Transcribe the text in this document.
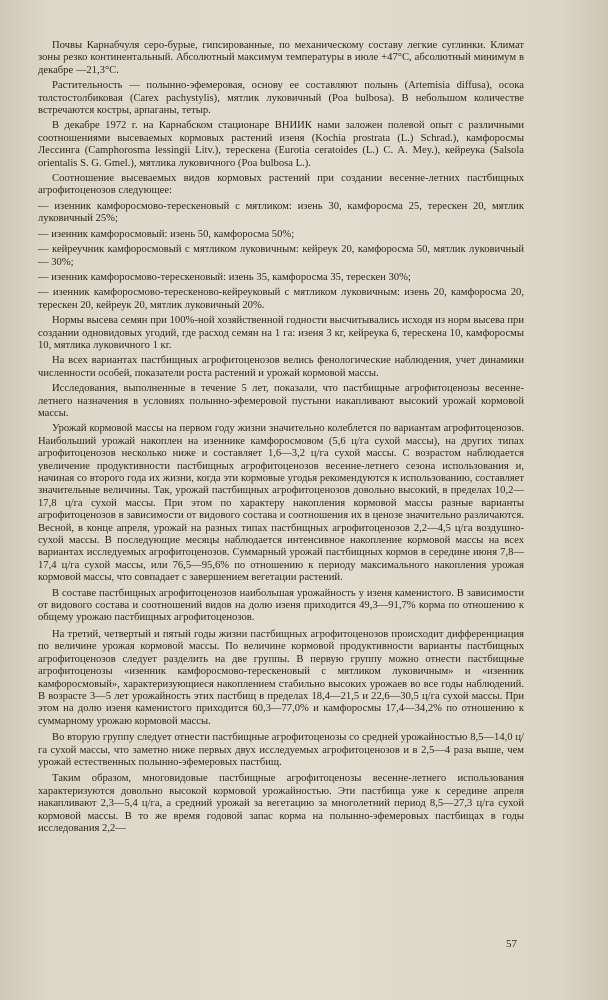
Почвы Карнабчуля серо-бурые, гипсированные, по механическому составу легкие суглинки. Климат зоны резко континентальный. Абсолютный максимум температуры в июле +47°С, абсолютный минимум в декабре —21,3°С.

Растительность — полынно-эфемеровая, основу ее составляют полынь (Artemisia diffusa), осока толстостолбиковая (Carex pachystylis), мятлик луковичный (Poa bulbosa). В небольшом количестве встречаются костры, арпаганы, тетыр.

В декабре 1972 г. на Карнабском стационаре ВНИИК нами заложен полевой опыт с различными соотношениями высеваемых кормовых растений изеня (Kochia prostrata (L.) Schrad.), камфоросмы Лессинга (Camphorosma lessingii Litv.), терескена (Eurotia ceratoides (L.) C. A. Mey.), кейреука (Salsola orientalis S. G. Gmel.), мятлика луковичного (Poa bulbosa L.).

Соотношение высеваемых видов кормовых растений при создании весенне-летних пастбищных агрофитоценозов следующее:

— изенник камфоросмово-терескеновый с мятликом: изень 30, камфоросма 25, терескен 20, мятлик луковичный 25%;

— изенник камфоросмовый: изень 50, камфоросма 50%;

— кейреучник камфоросмовый с мятликом луковичным: кейреук 20, камфоросма 50, мятлик луковичный — 30%;

— изенник камфоросмово-терескеновый: изень 35, камфоросма 35, терескен 30%;

— изенник камфоросмово-терескеново-кейреуковый с мятликом луковичным: изень 20, камфоросма 20, терескен 20, кейреук 20, мятлик луковичный 20%.

Нормы высева семян при 100%-ной хозяйственной годности высчитывались исходя из норм высева при создании одновидовых угодий, где расход семян на 1 га: изеня 3 кг, кейреука 6, терескена 10, камфоросмы 10, мятлика луковичного 1 кг.

На всех вариантах пастбищных агрофитоценозов велись фенологические наблюдения, учет динамики численности особей, показатели роста растений и урожай кормовой массы.

Исследования, выполненные в течение 5 лет, показали, что пастбищные агрофитоценозы весенне-летнего назначения в условиях полынно-эфемеровой пустыни накапливают высокий урожай кормовой массы.

Урожай кормовой массы на первом году жизни значительно колеблется по вариантам агрофитоценозов. Наибольший урожай накоплен на изеннике камфоросмовом (5,6 ц/га сухой массы), на других типах агрофитоценозов несколько ниже и составляет 1,6—3,2 ц/га сухой массы. С возрастом наблюдается увеличение продуктивности пастбищных агрофитоценозов весенне-летнего сезона использования и, начиная со второго года их жизни, когда эти кормовые угодья рекомендуются к использованию, составляет значительные величины. Так, урожай пастбищных агрофитоценозов довольно высокий, в пределах 10,2—17,8 ц/га сухой массы. При этом по характеру накопления кормовой массы разные варианты агрофитоценозов в зависимости от видового состава и соотношения их в ценозе значительно различаются. Весной, в конце апреля, урожай на разных типах пастбищных агрофитоценозов 2,2—4,5 ц/га воздушно-сухой массы. В последующие месяцы наблюдается интенсивное накопление кормовой массы на всех вариантах исследуемых агрофитоценозов. Суммарный урожай пастбищных кормов в середине июня 7,8—17,4 ц/га сухой массы, или 76,5—95,6% по отношению к периоду максимального накопления урожая кормовой массы, что совпадает с завершением вегетации растений.

В составе пастбищных агрофитоценозов наибольшая урожайность у изеня каменистого. В зависимости от видового состава и соотношений видов на долю изеня приходится 49,3—91,7% корма по отношению к общему урожаю пастбищных агрофитоценозов.

На третий, четвертый и пятый годы жизни пастбищных агрофитоценозов происходит дифференциация по величине урожая кормовой массы. По величине кормовой продуктивности варианты пастбищных агрофитоценозов следует разделить на две группы. В первую группу можно отнести пастбищные агрофитоценозы «изенник камфоросмово-терескеновый с мятликом луковичным» и «изенник камфоросмовый», характеризующиеся накоплением стабильно высоких урожаев во все годы наблюдений. В возрасте 3—5 лет урожайность этих пастбищ в пределах 18,4—21,5 и 22,6—30,5 ц/га сухой массы. При этом на долю изеня каменистого приходится 60,3—77,0% и камфоросмы 17,4—34,2% по отношению к суммарному урожаю кормовой массы.

Во вторую группу следует отнести пастбищные агрофитоценозы со средней урожайностью 8,5—14,0 ц/га сухой массы, что заметно ниже первых двух исследуемых агрофитоценозов и в 2,5—4 раза выше, чем урожай естественных полынно-эфемеровых пастбищ.

Таким образом, многовидовые пастбищные агрофитоценозы весенне-летнего использования характеризуются довольно высокой кормовой урожайностью. Эти пастбища уже к середине апреля накапливают 2,3—5,4 ц/га, а средний урожай за вегетацию за многолетний период 8,5—27,3 ц/га сухой кормовой массы. В то же время годовой запас корма на полынно-эфемеровых пастбищах в годы исследования 2,2—

57
